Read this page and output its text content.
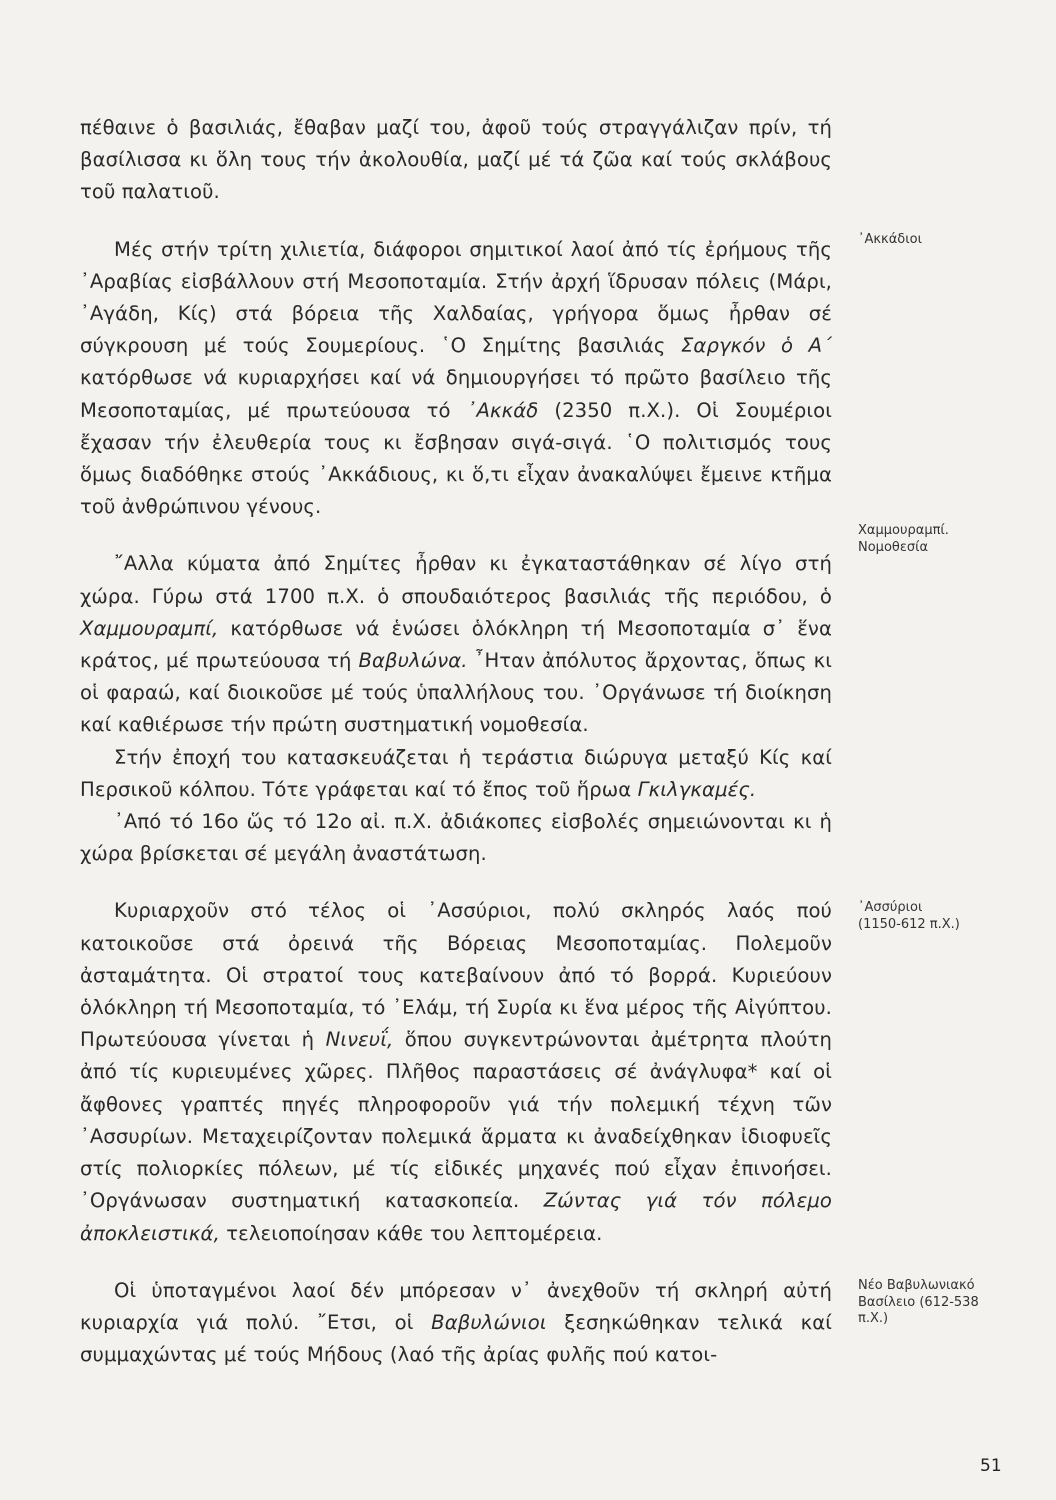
πέθαινε ὁ βασιλιάς, ἔθαβαν μαζί του, ἀφοῦ τούς στραγγάλιζαν πρίν, τή βασίλισσα κι ὅλη τους τήν ἀκολουθία, μαζί μέ τά ζῶα καί τούς σκλάβους τοῦ παλατιοῦ.

Μές στήν τρίτη χιλιετία, διάφοροι σημιτικοί λαοί ἀπό τίς ἐρήμους τῆς ᾿Αραβίας εἰσβάλλουν στή Μεσοποταμία. Στήν ἀρχή ἵδρυσαν πόλεις (Μάρι, ᾿Αγάδη, Κίς) στά βόρεια τῆς Χαλδαίας, γρήγορα ὅμως ἦρθαν σέ σύγκρουση μέ τούς Σουμερίους. ῾Ο Σημίτης βασιλιάς Σαργκόν ὁ Α΄ κατόρθωσε νά κυριαρχήσει καί νά δημιουργήσει τό πρῶτο βασίλειο τῆς Μεσοποταμίας, μέ πρωτεύουσα τό ᾿Ακκάδ (2350 π.Χ.). Οἱ Σουμέριοι ἔχασαν τήν ἐλευθερία τους κι ἔσβησαν σιγά-σιγά. ῾Ο πολιτισμός τους ὅμως διαδόθηκε στούς ᾿Ακκάδιους, κι ὅ,τι εἶχαν ἀνακαλύψει ἔμεινε κτῆμα τοῦ ἀνθρώπινου γένους.

῎Αλλα κύματα ἀπό Σημίτες ἦρθαν κι ἐγκαταστάθηκαν σέ λίγο στή χώρα. Γύρω στά 1700 π.Χ. ὁ σπουδαιότερος βασιλιάς τῆς περιόδου, ὁ Χαμμουραμπί, κατόρθωσε νά ἑνώσει ὁλόκληρη τή Μεσοποταμία σ᾿ ἕνα κράτος, μέ πρωτεύουσα τή Βαβυλώνα. ῏Ηταν ἀπόλυτος ἄρχοντας, ὅπως κι οἱ φαραώ, καί διοικοῦσε μέ τούς ὑπαλλήλους του. ᾿Οργάνωσε τή διοίκηση καί καθιέρωσε τήν πρώτη συστηματική νομοθεσία.

Στήν ἐποχή του κατασκευάζεται ἡ τεράστια διώρυγα μεταξύ Κίς καί Περσικοῦ κόλπου. Τότε γράφεται καί τό ἔπος τοῦ ἥρωα Γκιλγκαμές.

᾿Από τό 16ο ὥς τό 12ο αἰ. π.Χ. ἀδιάκοπες εἰσβολές σημειώνονται κι ἡ χώρα βρίσκεται σέ μεγάλη ἀναστάτωση.

Κυριαρχοῦν στό τέλος οἱ ᾿Ασσύριοι, πολύ σκληρός λαός πού κατοικοῦσε στά ὀρεινά τῆς Βόρειας Μεσοποταμίας. Πολεμοῦν ἀσταμάτητα. Οἱ στρατοί τους κατεβαίνουν ἀπό τό βορρά. Κυριεύουν ὁλόκληρη τή Μεσοποταμία, τό ᾿Ελάμ, τή Συρία κι ἕνα μέρος τῆς Αἰγύπτου. Πρωτεύουσα γίνεται ἡ Νινευΐ, ὅπου συγκεντρώνονται ἀμέτρητα πλούτη ἀπό τίς κυριευμένες χῶρες. Πλῆθος παραστάσεις σέ ἀνάγλυφα* καί οἱ ἄφθονες γραπτές πηγές πληροφοροῦν γιά τήν πολεμική τέχνη τῶν ᾿Ασσυρίων. Μεταχειρίζονταν πολεμικά ἅρματα κι ἀναδείχθηκαν ἰδιοφυεῖς στίς πολιορκίες πόλεων, μέ τίς εἰδικές μηχανές πού εἶχαν ἐπινοήσει. ᾿Οργάνωσαν συστηματική κατασκοπεία. Ζώντας γιά τόν πόλεμο ἀποκλειστικά, τελειοποίησαν κάθε του λεπτομέρεια.

Οἱ ὑποταγμένοι λαοί δέν μπόρεσαν ν᾿ ἀνεχθοῦν τή σκληρή αὐτή κυριαρχία γιά πολύ. ῎Ετσι, οἱ Βαβυλώνιοι ξεσηκώθηκαν τελικά καί συμμαχώντας μέ τούς Μήδους (λαό τῆς ἀρίας φυλῆς πού κατοι-

᾿Ακκάδιοι
Χαμμουραμπί.
Νομοθεσία
᾿Ασσύριοι
(1150-612 π.Χ.)
Νέο Βαβυλωνιακό
Βασίλειο (612-538
π.Χ.)
51
